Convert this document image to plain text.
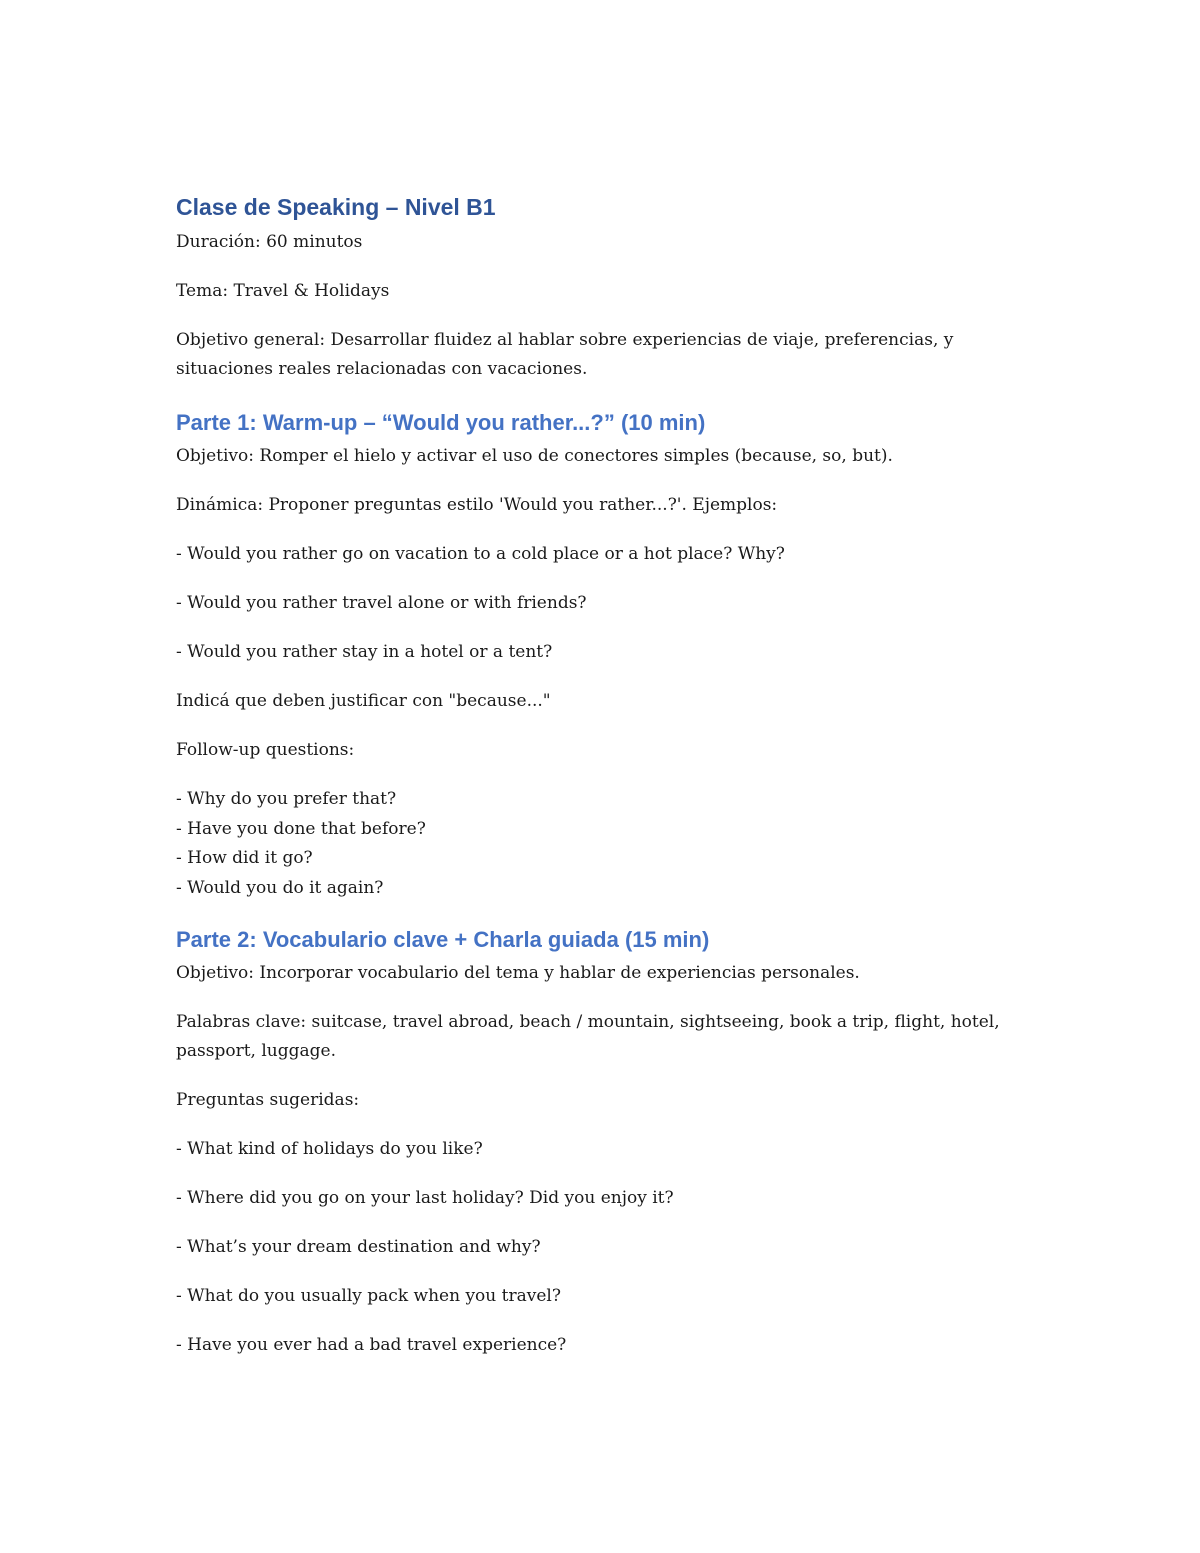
Clase de Speaking – Nivel B1

Duración: 60 minutos

Tema: Travel & Holidays

Objetivo general: Desarrollar fluidez al hablar sobre experiencias de viaje, preferencias, y situaciones reales relacionadas con vacaciones.

Parte 1: Warm-up – “Would you rather...?” (10 min)

Objetivo: Romper el hielo y activar el uso de conectores simples (because, so, but).

Dinámica: Proponer preguntas estilo 'Would you rather...?'. Ejemplos:

- Would you rather go on vacation to a cold place or a hot place? Why?

- Would you rather travel alone or with friends?

- Would you rather stay in a hotel or a tent?

Indicá que deben justificar con "because..."

Follow-up questions:

- Why do you prefer that?

- Have you done that before?

- How did it go?

- Would you do it again?

Parte 2: Vocabulario clave + Charla guiada (15 min)

Objetivo: Incorporar vocabulario del tema y hablar de experiencias personales.

Palabras clave: suitcase, travel abroad, beach / mountain, sightseeing, book a trip, flight, hotel, passport, luggage.

Preguntas sugeridas:

- What kind of holidays do you like?

- Where did you go on your last holiday? Did you enjoy it?

- What’s your dream destination and why?

- What do you usually pack when you travel?

- Have you ever had a bad travel experience?
